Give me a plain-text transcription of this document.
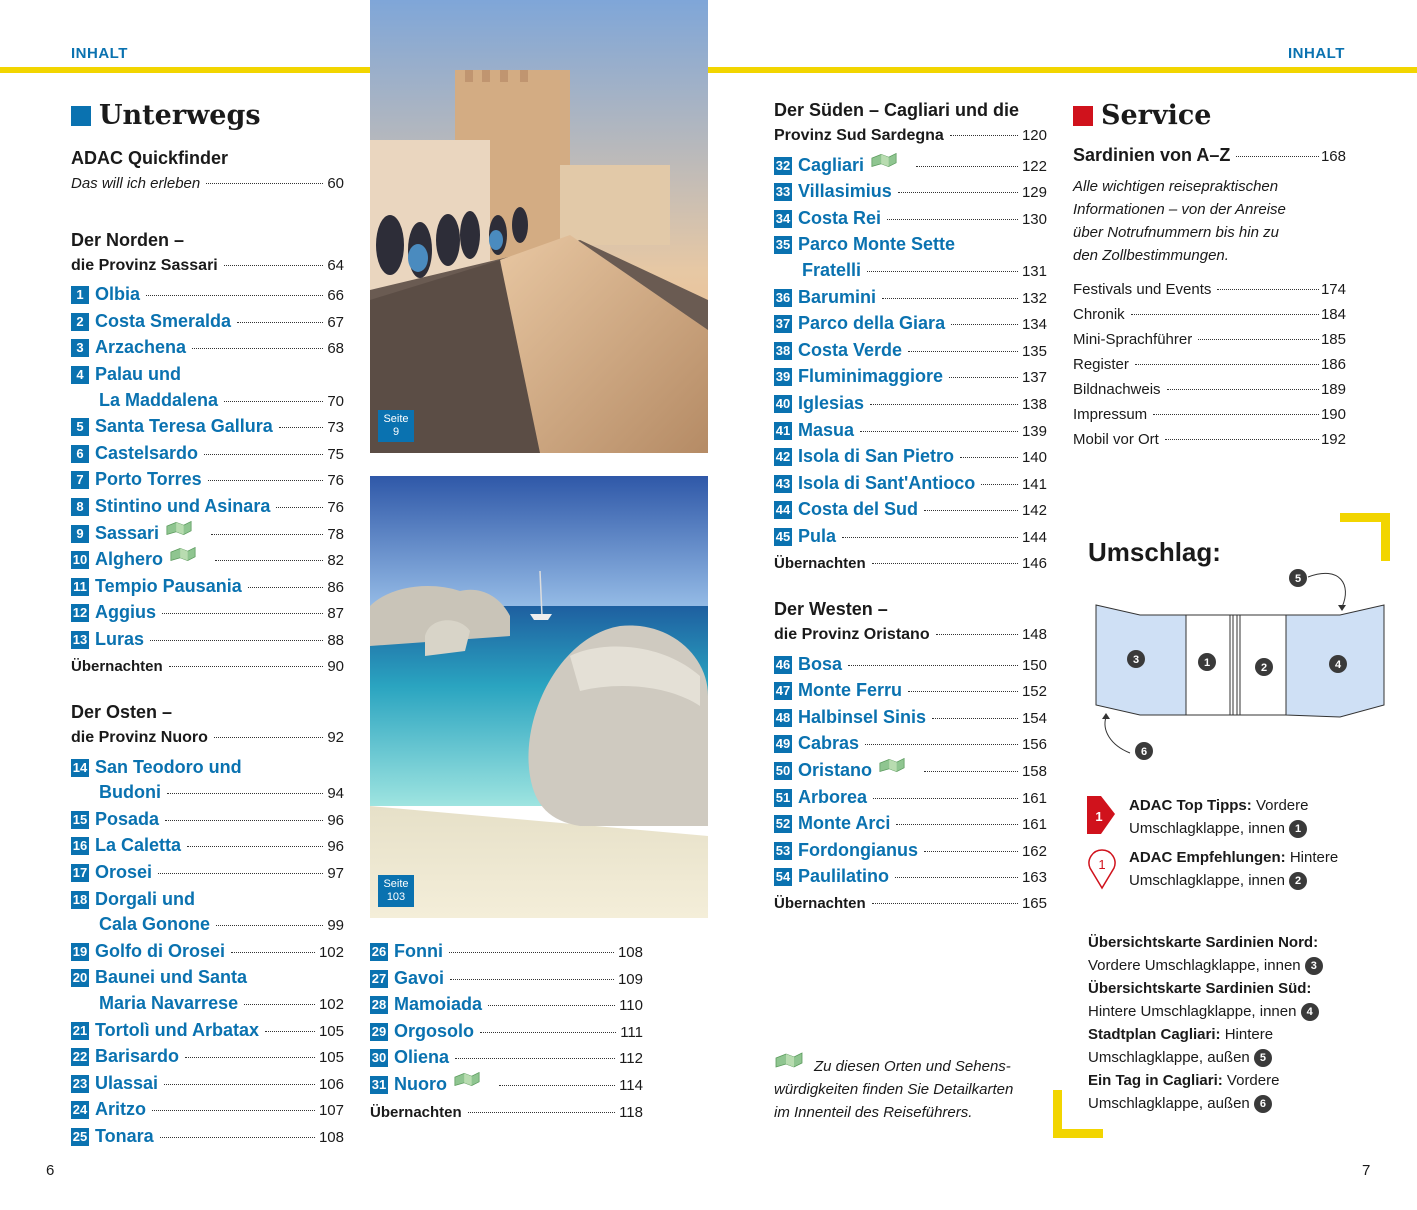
INHALT	INHALT
Unterwegs
ADAC Quickfinder
Das will ich erleben	60
Der Norden –
die Provinz Sassari	64
1 Olbia	66
2 Costa Smeralda	67
3 Arzachena	68
4 Palau und
La Maddalena	70
5 Santa Teresa Gallura	73
6 Castelsardo	75
7 Porto Torres	76
8 Stintino und Asinara	76
9 Sassari	78
10 Alghero	82
11 Tempio Pausania	86
12 Aggius	87
13 Luras	88
Übernachten	90
Der Osten –
die Provinz Nuoro	92
14 San Teodoro und
Budoni	94
15 Posada	96
16 La Caletta	96
17 Orosei	97
18 Dorgali und
Cala Gonone	99
19 Golfo di Orosei	102
20 Baunei und Santa
Maria Navarrese	102
21 Tortolì und Arbatax	105
22 Barisardo	105
23 Ulassai	106
24 Aritzo	107
25 Tonara	108
6
Seite
9
Seite
103
26 Fonni	108
27 Gavoi	109
28 Mamoiada	110
29 Orgosolo	111
30 Oliena	112
31 Nuoro	114
Übernachten	118
Der Süden – Cagliari und die
Provinz Sud Sardegna	120
32 Cagliari	122
33 Villasimius	129
34 Costa Rei	130
35 Parco Monte Sette
Fratelli	131
36 Barumini	132
37 Parco della Giara	134
38 Costa Verde	135
39 Fluminimaggiore	137
40 Iglesias	138
41 Masua	139
42 Isola di San Pietro	140
43 Isola di Sant'Antioco	141
44 Costa del Sud	142
45 Pula	144
Übernachten	146
Der Westen –
die Provinz Oristano	148
46 Bosa	150
47 Monte Ferru	152
48 Halbinsel Sinis	154
49 Cabras	156
50 Oristano	158
51 Arborea	161
52 Monte Arci	161
53 Fordongianus	162
54 Paulilatino	163
Übernachten	165
Zu diesen Orten und Sehens-
würdigkeiten finden Sie Detailkarten
im Innenteil des Reiseführers.
7
Service
Sardinien von A–Z	168
Alle wichtigen reisepraktischen
Informationen – von der Anreise
über Notrufnummern bis hin zu
den Zollbestimmungen.
Festivals und Events	174
Chronik	184
Mini-Sprachführer	185
Register	186
Bildnachweis	189
Impressum	190
Mobil vor Ort	192
Umschlag:
1	2
3	4
5
6
1
ADAC Top Tipps: Vordere
Umschlagklappe, innen 1
1 ADAC Empfehlungen: Hintere
Umschlagklappe, innen 2
Übersichtskarte Sardinien Nord:
Vordere Umschlagklappe, innen 3
Übersichtskarte Sardinien Süd:
Hintere Umschlagklappe, innen 4
Stadtplan Cagliari: Hintere
Umschlagklappe, außen 5
Ein Tag in Cagliari: Vordere
Umschlagklappe, außen 6
